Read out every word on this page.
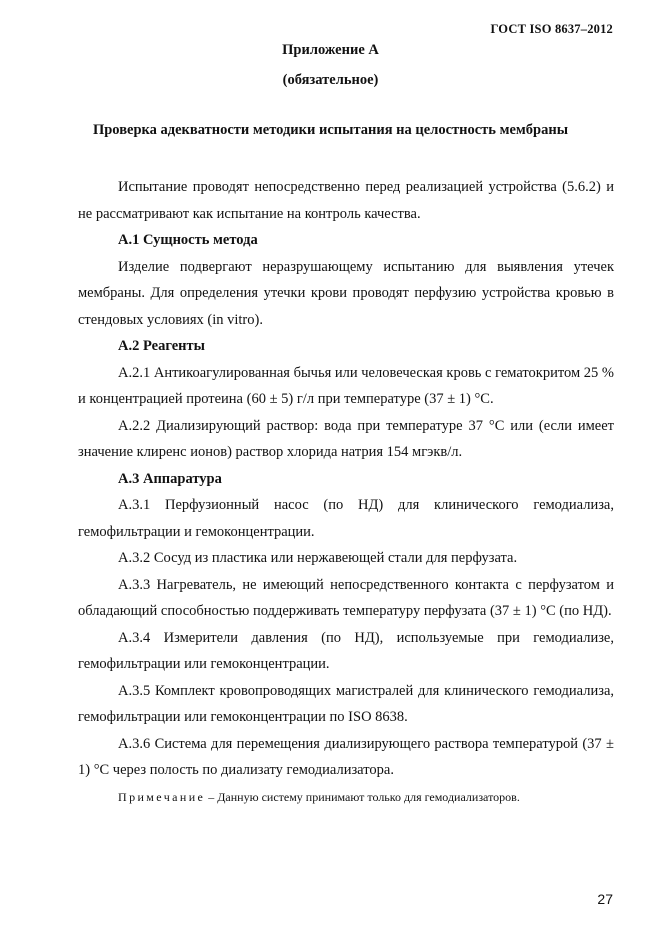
ГОСТ ISO 8637–2012
Приложение А
(обязательное)
Проверка адекватности методики испытания на целостность мембраны

Испытание проводят непосредственно перед реализацией устройства (5.6.2) и не рассматривают как испытание на контроль качества.

А.1 Сущность метода

Изделие подвергают неразрушающему испытанию для выявления утечек мембраны. Для определения утечки крови проводят перфузию устройства кровью в стендовых условиях (in vitro).

А.2 Реагенты

А.2.1 Антикоагулированная бычья или человеческая кровь с гематокритом 25 % и концентрацией протеина (60 ± 5) г/л при температуре (37 ± 1) °С.

А.2.2 Диализирующий раствор: вода при температуре 37 °С или (если имеет значение клиренс ионов) раствор хлорида натрия 154 мгэкв/л.

А.3 Аппаратура

А.3.1 Перфузионный насос (по НД) для клинического гемодиализа, гемофильтрации и гемоконцентрации.

А.3.2 Сосуд из пластика или нержавеющей стали для перфузата.

А.3.3 Нагреватель, не имеющий непосредственного контакта с перфузатом и обладающий способностью поддерживать температуру перфузата (37 ± 1) °С (по НД).

А.3.4 Измерители давления (по НД), используемые при гемодиализе, гемофильтрации или гемоконцентрации.

А.3.5 Комплект кровопроводящих магистралей для клинического гемодиализа, гемофильтрации или гемоконцентрации по ISO 8638.

А.3.6 Система для перемещения диализирующего раствора температурой (37 ± 1) °С через полость по диализату гемодиализатора.

Примечание – Данную систему принимают только для гемодиализаторов.

27
